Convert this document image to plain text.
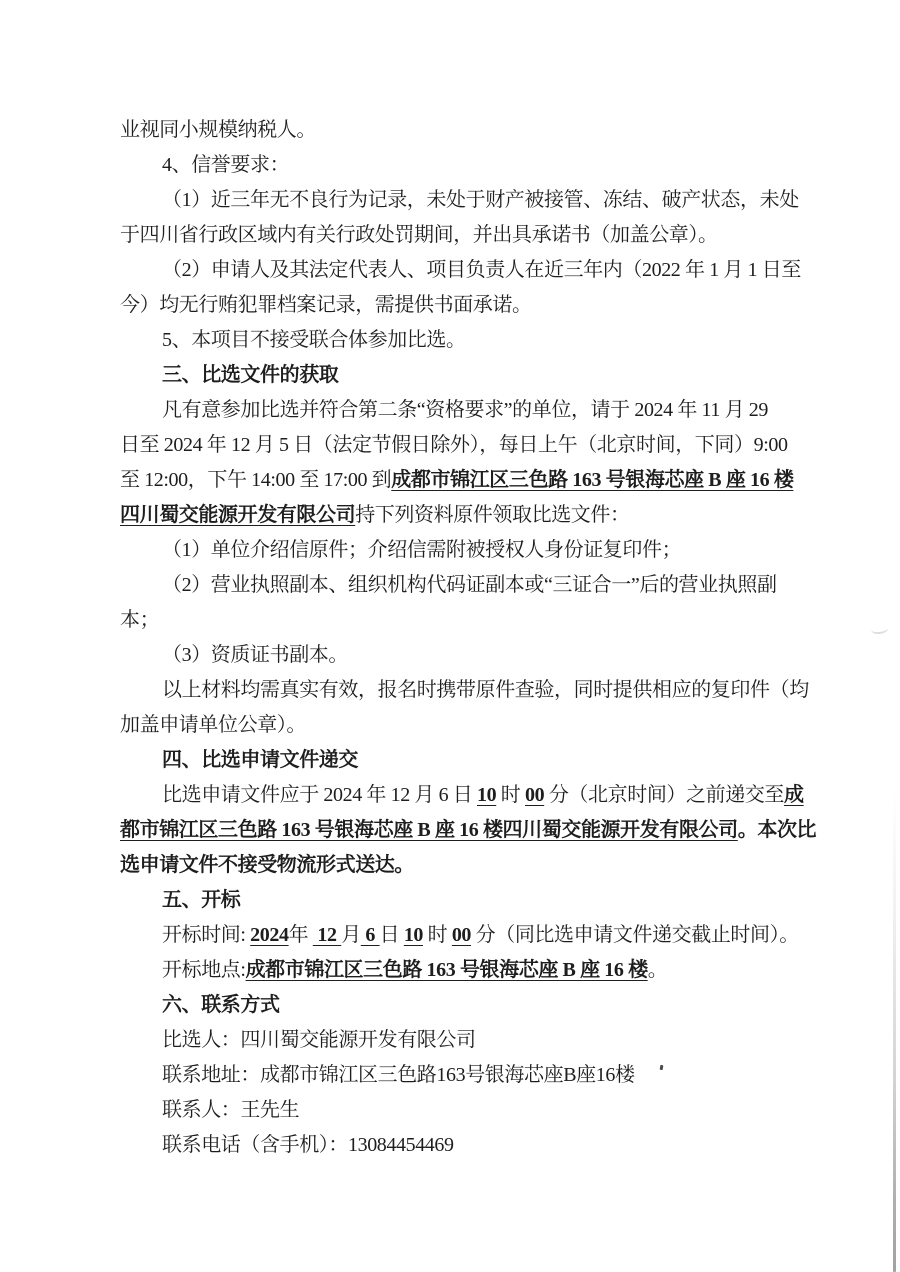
业视同小规模纳税人。
4、信誉要求：
（1）近三年无不良行为记录，未处于财产被接管、冻结、破产状态，未处
于四川省行政区域内有关行政处罚期间，并出具承诺书（加盖公章）。
（2）申请人及其法定代表人、项目负责人在近三年内（2022 年 1 月 1 日至
今）均无行贿犯罪档案记录，需提供书面承诺。
5、本项目不接受联合体参加比选。
三、比选文件的获取
凡有意参加比选并符合第二条“资格要求”的单位，请于 2024 年 11 月 29
日至 2024 年 12 月 5 日（法定节假日除外），每日上午（北京时间，下同）9:00
至 12:00，下午 14:00 至 17:00 到成都市锦江区三色路 163 号银海芯座 B 座 16 楼
四川蜀交能源开发有限公司持下列资料原件领取比选文件：
（1）单位介绍信原件；介绍信需附被授权人身份证复印件；
（2）营业执照副本、组织机构代码证副本或“三证合一”后的营业执照副
本；
（3）资质证书副本。
以上材料均需真实有效，报名时携带原件查验，同时提供相应的复印件（均
加盖申请单位公章）。
四、比选申请文件递交
比选申请文件应于 2024 年 12 月 6 日 10 时 00 分（北京时间）之前递交至成
都市锦江区三色路 163 号银海芯座 B 座 16 楼四川蜀交能源开发有限公司。本次比
选申请文件不接受物流形式送达。
五、开标
开标时间: 2024年  12 月 6 日 10 时 00 分（同比选申请文件递交截止时间）。
开标地点:成都市锦江区三色路 163 号银海芯座 B 座 16 楼。
六、联系方式
比选人：四川蜀交能源开发有限公司
联系地址：成都市锦江区三色路163号银海芯座B座16楼
联系人：王先生
联系电话（含手机）：13084454469
